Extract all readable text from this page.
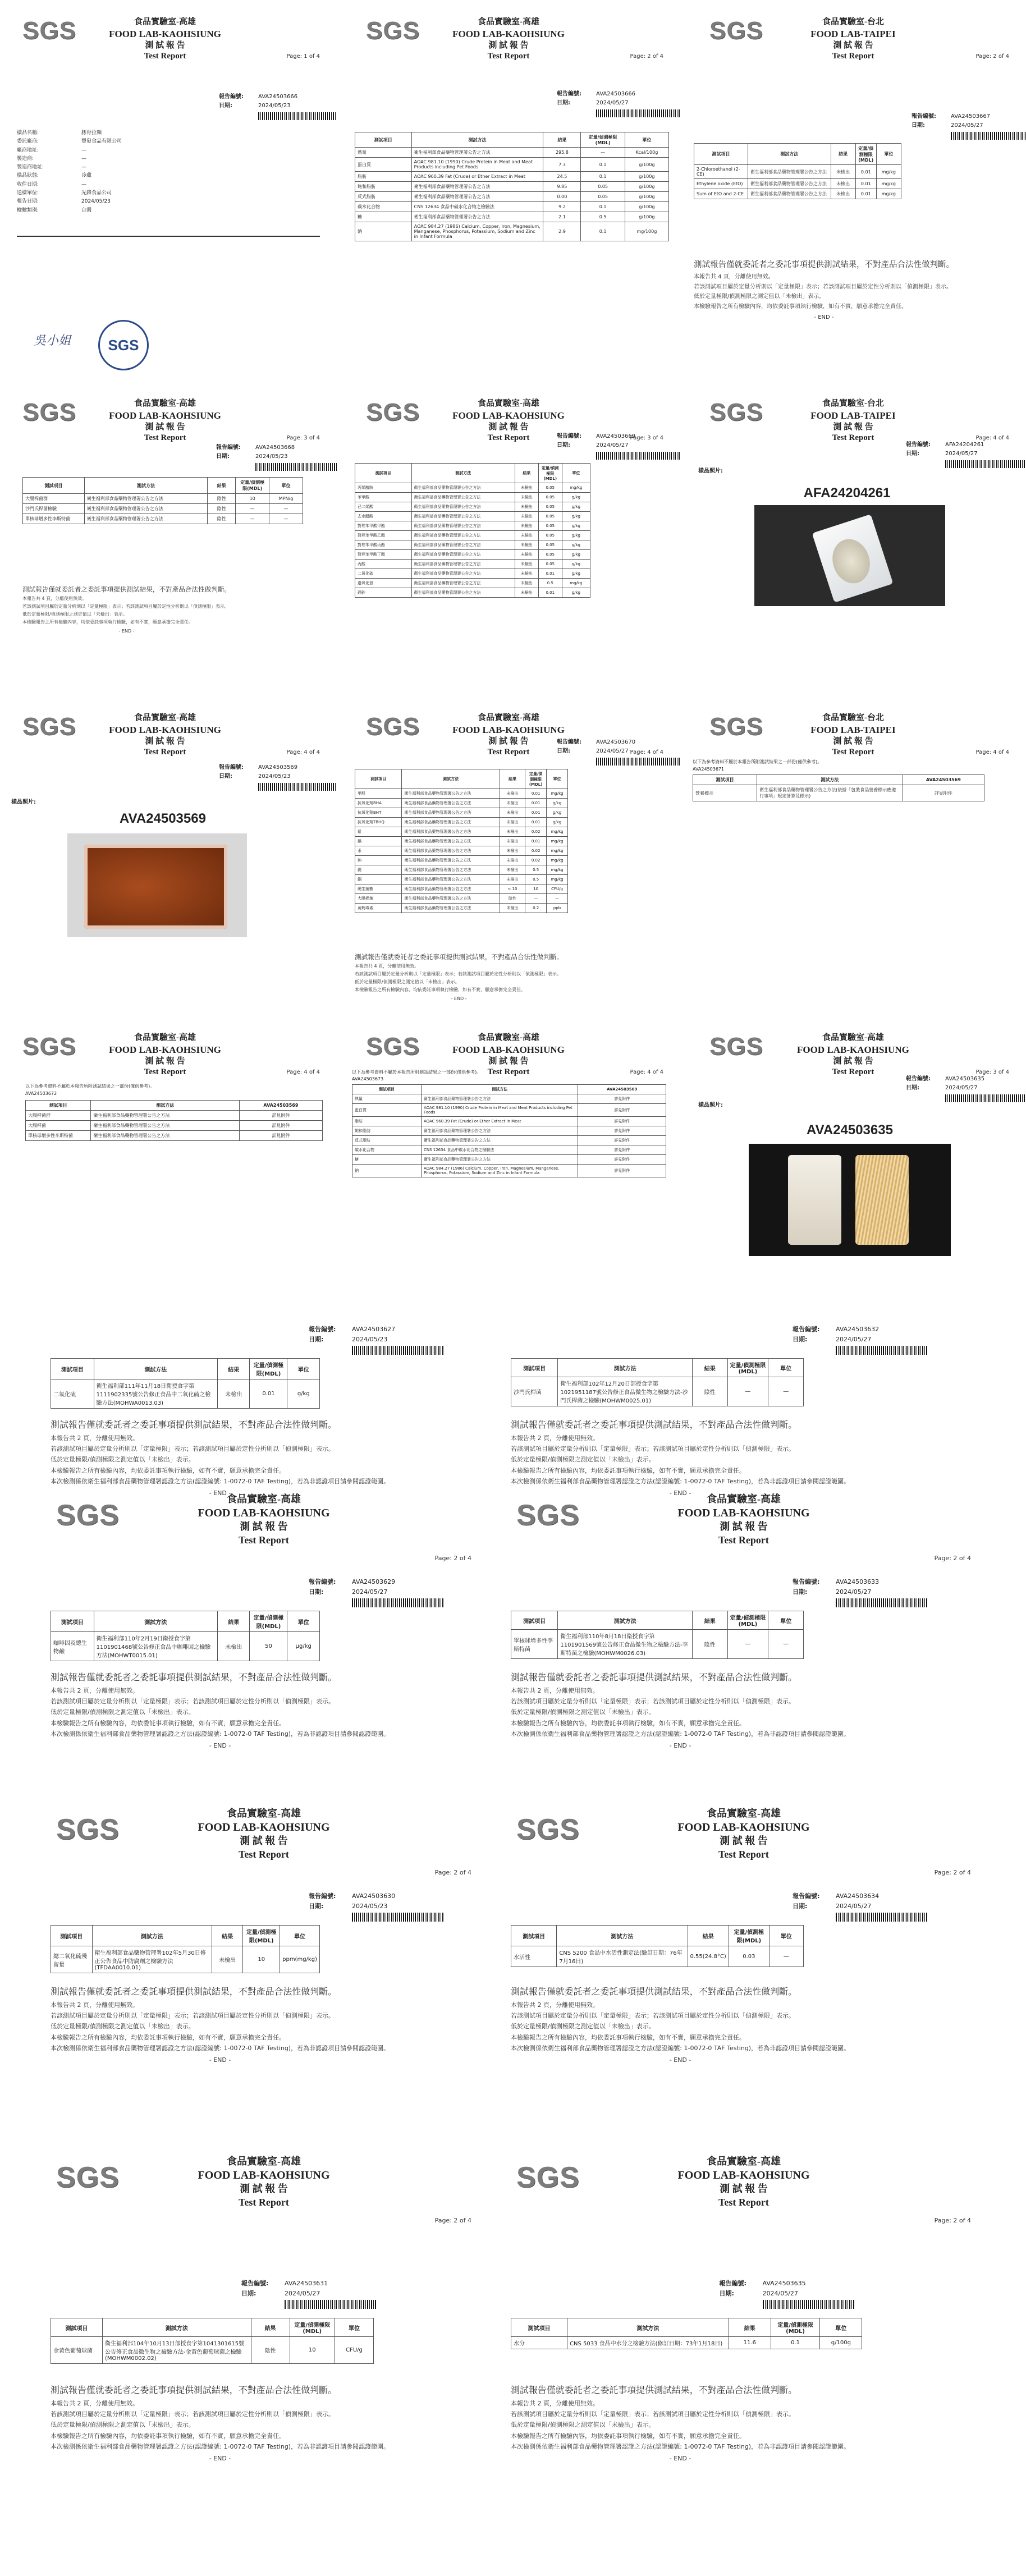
SGS	食品實驗室-高雄
FOOD LAB-KAOHSIUNG
測 試 報 告
Test Report	Page: 1 of 4
報告編號:	AVA24503666
日期:	2024/05/23
樣品名稱:	豚骨拉麵
委託廠商:	豐發食品有限公司
廠商地址:	—
製造商:	—
製造商地址:	—
樣品狀態:	冷藏
收件日期:	—
送樣單位:	先鋒食品公司
報告日期:	2024/05/23
檢驗類別:	台灣
吳小姐	SGS
SGS	食品實驗室-高雄
FOOD LAB-KAOHSIUNG
測 試 報 告
Test Report	Page: 2 of 4
報告編號:	AVA24503666
日期:	2024/05/27
測試項目	測試方法	結果	定量/偵測極限(MDL)	單位
熱量	衛生福利部食品藥物管理署公告之方法	295.8	—	Kcal/100g
蛋白質	AOAC 981.10 (1990) Crude Protein in Meat and Meat Products including Pet Foods	7.3	0.1	g/100g
脂肪	AOAC 960.39 Fat (Crude) or Ether Extract in Meat	24.5	0.1	g/100g
飽和脂肪	衛生福利部食品藥物管理署公告之方法	9.85	0.05	g/100g
反式脂肪	衛生福利部食品藥物管理署公告之方法	0.00	0.05	g/100g
碳水化合物	CNS 12634 食品中碳水化合物之檢驗法	9.2	0.1	g/100g
糖	衛生福利部食品藥物管理署公告之方法	2.1	0.5	g/100g
鈉	AOAC 984.27 (1986) Calcium, Copper, Iron, Magnesium, Manganese, Phosphorus, Potassium, Sodium and Zinc in Infant Formula	2.9	0.1	mg/100g
SGS	食品實驗室-台北
FOOD LAB-TAIPEI
測 試 報 告
Test Report	Page: 2 of 4
報告編號:	AVA24503667
日期:	2024/05/27
測試項目	測試方法	結果	定量/偵測極限(MDL)	單位
2-Chloroethanol (2-CE)	衛生福利部食品藥物管理署公告之方法	未檢出	0.01	mg/kg
Ethylene oxide (EtO)	衛生福利部食品藥物管理署公告之方法	未檢出	0.01	mg/kg
Sum of EtO and 2-CE	衛生福利部食品藥物管理署公告之方法	未檢出	0.01	mg/kg
測試報告僅就委託者之委託事項提供測試結果，不對產品合法性做判斷。
本報告共 4 頁，分離使用無效。
若該測試項目屬於定量分析則以「定量極限」表示；若該測試項目屬於定性分析則以「偵測極限」表示。
低於定量極限/偵測極限之測定值以「未檢出」表示。
本檢驗報告之所有檢驗內容，均依委託事項執行檢驗，如有不實，願意承擔完全責任。
- END -
SGS	食品實驗室-高雄
FOOD LAB-KAOHSIUNG
測 試 報 告
Test Report	Page: 3 of 4
報告編號:	AVA24503668
日期:	2024/05/23
測試項目	測試方法	結果	定量/偵測極限(MDL)	單位
大腸桿菌群	衛生福利部食品藥物管理署公告之方法	陰性	10	MPN/g
沙門氏桿菌檢驗	衛生福利部食品藥物管理署公告之方法	陰性	—	—
單核球增多性李斯特菌	衛生福利部食品藥物管理署公告之方法	陰性	—	—
測試報告僅就委託者之委託事項提供測試結果，不對產品合法性做判斷。
本報告共 4 頁，分離使用無效。
若該測試項目屬於定量分析則以「定量極限」表示；若該測試項目屬於定性分析則以「偵測極限」表示。
低於定量極限/偵測極限之測定值以「未檢出」表示。
本檢驗報告之所有檢驗內容，均依委託事項執行檢驗，如有不實，願意承擔完全責任。
- END -
SGS	食品實驗室-高雄
FOOD LAB-KAOHSIUNG
測 試 報 告
Test Report	Page: 3 of 4
報告編號:	AVA24503669
日期:	2024/05/27
測試項目	測試方法	結果	定量/偵測極限(MDL)	單位
丙烯醯胺	衛生福利部食品藥物管理署公告之方法	未檢出	0.05	mg/kg
苯甲酸	衛生福利部食品藥物管理署公告之方法	未檢出	0.05	g/kg
己二烯酸	衛生福利部食品藥物管理署公告之方法	未檢出	0.05	g/kg
去水醋酸	衛生福利部食品藥物管理署公告之方法	未檢出	0.05	g/kg
對羥苯甲酸甲酯	衛生福利部食品藥物管理署公告之方法	未檢出	0.05	g/kg
對羥苯甲酸乙酯	衛生福利部食品藥物管理署公告之方法	未檢出	0.05	g/kg
對羥苯甲酸丙酯	衛生福利部食品藥物管理署公告之方法	未檢出	0.05	g/kg
對羥苯甲酸丁酯	衛生福利部食品藥物管理署公告之方法	未檢出	0.05	g/kg
丙酸	衛生福利部食品藥物管理署公告之方法	未檢出	0.05	g/kg
二氧化硫	衛生福利部食品藥物管理署公告之方法	未檢出	0.01	g/kg
過氧化氫	衛生福利部食品藥物管理署公告之方法	未檢出	0.5	mg/kg
硼砂	衛生福利部食品藥物管理署公告之方法	未檢出	0.01	g/kg
SGS	食品實驗室-台北
FOOD LAB-TAIPEI
測 試 報 告
Test Report	Page: 4 of 4
報告編號:	AFA24204261
日期:	2024/05/27
樣品照片:
AFA24204261
SGS	食品實驗室-高雄
FOOD LAB-KAOHSIUNG
測 試 報 告
Test Report	Page: 4 of 4
報告編號:	AVA24503569
日期:	2024/05/23
樣品照片:
AVA24503569
SGS	食品實驗室-高雄
FOOD LAB-KAOHSIUNG
測 試 報 告
Test Report	Page: 4 of 4
報告編號:	AVA24503670
日期:	2024/05/27
測試項目	測試方法	結果	定量/偵測極限(MDL)	單位
甲醛	衛生福利部食品藥物管理署公告之方法	未檢出	0.01	mg/kg
抗氧化劑BHA	衛生福利部食品藥物管理署公告之方法	未檢出	0.01	g/kg
抗氧化劑BHT	衛生福利部食品藥物管理署公告之方法	未檢出	0.01	g/kg
抗氧化劑TBHQ	衛生福利部食品藥物管理署公告之方法	未檢出	0.01	g/kg
鉛	衛生福利部食品藥物管理署公告之方法	未檢出	0.02	mg/kg
鎘	衛生福利部食品藥物管理署公告之方法	未檢出	0.01	mg/kg
汞	衛生福利部食品藥物管理署公告之方法	未檢出	0.02	mg/kg
砷	衛生福利部食品藥物管理署公告之方法	未檢出	0.02	mg/kg
錫	衛生福利部食品藥物管理署公告之方法	未檢出	0.5	mg/kg
銅	衛生福利部食品藥物管理署公告之方法	未檢出	0.5	mg/kg
總生菌數	衛生福利部食品藥物管理署公告之方法	< 10	10	CFU/g
大腸桿菌	衛生福利部食品藥物管理署公告之方法	陰性	—	—
黃麴毒素	衛生福利部食品藥物管理署公告之方法	未檢出	0.2	ppb
測試報告僅就委託者之委託事項提供測試結果，不對產品合法性做判斷。
本報告共 4 頁，分離使用無效。
若該測試項目屬於定量分析則以「定量極限」表示；若該測試項目屬於定性分析則以「偵測極限」表示。
低於定量極限/偵測極限之測定值以「未檢出」表示。
本檢驗報告之所有檢驗內容，均依委託事項執行檢驗，如有不實，願意承擔完全責任。
- END -
SGS	食品實驗室-台北
FOOD LAB-TAIPEI
測 試 報 告
Test Report	Page: 4 of 4
以下為參考資料不屬於本報告所附測試結果之一部份(僅供參考)。
AVA24503671
測試項目	測試方法	AVA24503569
營養標示	衛生福利部食品藥物管理署公告之方法(依據「包裝食品營養標示應遵行事項」規定計算及標示)	詳見附件
SGS	食品實驗室-高雄
FOOD LAB-KAOHSIUNG
測 試 報 告
Test Report	Page: 4 of 4
以下為參考資料不屬於本報告所附測試結果之一部份(僅供參考)。
AVA24503672
測試項目	測試方法	AVA24503569
大腸桿菌群	衛生福利部食品藥物管理署公告之方法	詳見附件
大腸桿菌	衛生福利部食品藥物管理署公告之方法	詳見附件
單核球增多性李斯特菌	衛生福利部食品藥物管理署公告之方法	詳見附件
SGS	食品實驗室-高雄
FOOD LAB-KAOHSIUNG
測 試 報 告
Test Report	Page: 4 of 4
以下為參考資料不屬於本報告所附測試結果之一部份(僅供參考)。
AVA24503673
測試項目	測試方法	AVA24503569
熱量	衛生福利部食品藥物管理署公告之方法	詳見附件
蛋白質	AOAC 981.10 (1990) Crude Protein in Meat and Meat Products including Pet Foods	詳見附件
脂肪	AOAC 960.39 Fat (Crude) or Ether Extract in Meat	詳見附件
飽和脂肪	衛生福利部食品藥物管理署公告之方法	詳見附件
反式脂肪	衛生福利部食品藥物管理署公告之方法	詳見附件
碳水化合物	CNS 12634 食品中碳水化合物之檢驗法	詳見附件
糖	衛生福利部食品藥物管理署公告之方法	詳見附件
鈉	AOAC 984.27 (1986) Calcium, Copper, Iron, Magnesium, Manganese, Phosphorus, Potassium, Sodium and Zinc in Infant Formula	詳見附件
SGS	食品實驗室-高雄
FOOD LAB-KAOHSIUNG
測 試 報 告
Test Report	Page: 3 of 4
報告編號:	AVA24503635
日期:	2024/05/27
樣品照片:
AVA24503635
報告編號:	AVA24503627
日期:	2024/05/23
測試項目	測試方法	結果	定量/偵測極限(MDL)	單位
二氧化硫	衛生福利部111年11月18日衛授食字第1111902335號公告修正食品中二氧化硫之檢驗方法(MOHWA0013.03)	未檢出	0.01	g/kg
測試報告僅就委託者之委託事項提供測試結果，不對產品合法性做判斷。
本報告共 2 頁，分離使用無效。
若該測試項目屬於定量分析則以「定量極限」表示；若該測試項目屬於定性分析則以「偵測極限」表示。
低於定量極限/偵測極限之測定值以「未檢出」表示。
本檢驗報告之所有檢驗內容，均依委託事項執行檢驗，如有不實，願意承擔完全責任。
本次檢測係依衛生福利部食品藥物管理署認證之方法(認證編號: 1-0072-0 TAF Testing)，若為非認證項目請參閱認證範圍。
- END -
SGS	食品實驗室-高雄
FOOD LAB-KAOHSIUNG
測 試 報 告
Test Report
Page: 2 of 4
報告編號:	AVA24503632
日期:	2024/05/27
測試項目	測試方法	結果	定量/偵測極限(MDL)	單位
沙門氏桿菌	衛生福利部102年12月20日部授食字第1021951187號公告修正食品微生物之檢驗方法-沙門氏桿菌之檢驗(MOHWM0025.01)	陰性	—	—
測試報告僅就委託者之委託事項提供測試結果，不對產品合法性做判斷。
本報告共 2 頁，分離使用無效。
若該測試項目屬於定量分析則以「定量極限」表示；若該測試項目屬於定性分析則以「偵測極限」表示。
低於定量極限/偵測極限之測定值以「未檢出」表示。
本檢驗報告之所有檢驗內容，均依委託事項執行檢驗，如有不實，願意承擔完全責任。
本次檢測係依衛生福利部食品藥物管理署認證之方法(認證編號: 1-0072-0 TAF Testing)，若為非認證項目請參閱認證範圍。
- END -
SGS	食品實驗室-高雄
FOOD LAB-KAOHSIUNG
測 試 報 告
Test Report
Page: 2 of 4
報告編號:	AVA24503629
日期:	2024/05/27
測試項目	測試方法	結果	定量/偵測極限(MDL)	單位
咖啡因及總生物鹼	衛生福利部110年2月19日衛授食字第1101901468號公告修正食品中咖啡因之檢驗方法(MOHWT0015.01)	未檢出	50	µg/kg
測試報告僅就委託者之委託事項提供測試結果，不對產品合法性做判斷。
本報告共 2 頁，分離使用無效。
若該測試項目屬於定量分析則以「定量極限」表示；若該測試項目屬於定性分析則以「偵測極限」表示。
低於定量極限/偵測極限之測定值以「未檢出」表示。
本檢驗報告之所有檢驗內容，均依委託事項執行檢驗，如有不實，願意承擔完全責任。
本次檢測係依衛生福利部食品藥物管理署認證之方法(認證編號: 1-0072-0 TAF Testing)，若為非認證項目請參閱認證範圍。
- END -
SGS	食品實驗室-高雄
FOOD LAB-KAOHSIUNG
測 試 報 告
Test Report
Page: 2 of 4
報告編號:	AVA24503633
日期:	2024/05/27
測試項目	測試方法	結果	定量/偵測極限(MDL)	單位
單核球增多性李斯特菌	衛生福利部110年8月18日衛授食字第1101901569號公告修正食品微生物之檢驗方法-李斯特菌之檢驗(MOHWM0026.03)	陰性	—	—
測試報告僅就委託者之委託事項提供測試結果，不對產品合法性做判斷。
本報告共 2 頁，分離使用無效。
若該測試項目屬於定量分析則以「定量極限」表示；若該測試項目屬於定性分析則以「偵測極限」表示。
低於定量極限/偵測極限之測定值以「未檢出」表示。
本檢驗報告之所有檢驗內容，均依委託事項執行檢驗，如有不實，願意承擔完全責任。
本次檢測係依衛生福利部食品藥物管理署認證之方法(認證編號: 1-0072-0 TAF Testing)，若為非認證項目請參閱認證範圍。
- END -
SGS	食品實驗室-高雄
FOOD LAB-KAOHSIUNG
測 試 報 告
Test Report
Page: 2 of 4
報告編號:	AVA24503630
日期:	2024/05/23
測試項目	測試方法	結果	定量/偵測極限(MDL)	單位
總二氧化硫殘留量	衛生福利部食品藥物管理署102年5月30日修正公告食品中防腐劑之檢驗方法(TFDAA0010.01)	未檢出	10	ppm(mg/kg)
測試報告僅就委託者之委託事項提供測試結果，不對產品合法性做判斷。
本報告共 2 頁，分離使用無效。
若該測試項目屬於定量分析則以「定量極限」表示；若該測試項目屬於定性分析則以「偵測極限」表示。
低於定量極限/偵測極限之測定值以「未檢出」表示。
本檢驗報告之所有檢驗內容，均依委託事項執行檢驗，如有不實，願意承擔完全責任。
本次檢測係依衛生福利部食品藥物管理署認證之方法(認證編號: 1-0072-0 TAF Testing)，若為非認證項目請參閱認證範圍。
- END -
SGS	食品實驗室-高雄
FOOD LAB-KAOHSIUNG
測 試 報 告
Test Report
Page: 2 of 4
報告編號:	AVA24503634
日期:	2024/05/27
測試項目	測試方法	結果	定量/偵測極限(MDL)	單位
水活性	CNS 5200 食品中水活性測定法(驗訂日期：76年7月16日)	0.55(24.8°C)	0.03	—
測試報告僅就委託者之委託事項提供測試結果，不對產品合法性做判斷。
本報告共 2 頁，分離使用無效。
若該測試項目屬於定量分析則以「定量極限」表示；若該測試項目屬於定性分析則以「偵測極限」表示。
低於定量極限/偵測極限之測定值以「未檢出」表示。
本檢驗報告之所有檢驗內容，均依委託事項執行檢驗，如有不實，願意承擔完全責任。
本次檢測係依衛生福利部食品藥物管理署認證之方法(認證編號: 1-0072-0 TAF Testing)，若為非認證項目請參閱認證範圍。
- END -
SGS	食品實驗室-高雄
FOOD LAB-KAOHSIUNG
測 試 報 告
Test Report
Page: 2 of 4
報告編號:	AVA24503631
日期:	2024/05/27
測試項目	測試方法	結果	定量/偵測極限(MDL)	單位
金黃色葡萄球菌	衛生福利部104年10月13日部授食字第1041301615號公告修正食品微生物之檢驗方法-金黃色葡萄球菌之檢驗(MOHWM0002.02)	陰性	10	CFU/g
測試報告僅就委託者之委託事項提供測試結果，不對產品合法性做判斷。
本報告共 2 頁，分離使用無效。
若該測試項目屬於定量分析則以「定量極限」表示；若該測試項目屬於定性分析則以「偵測極限」表示。
低於定量極限/偵測極限之測定值以「未檢出」表示。
本檢驗報告之所有檢驗內容，均依委託事項執行檢驗，如有不實，願意承擔完全責任。
本次檢測係依衛生福利部食品藥物管理署認證之方法(認證編號: 1-0072-0 TAF Testing)，若為非認證項目請參閱認證範圍。
- END -
報告編號:	AVA24503635
日期:	2024/05/27
測試項目	測試方法	結果	定量/偵測極限(MDL)	單位
水分	CNS 5033 食品中水分之檢驗方法(修訂日期：73年1月18日)	11.6	0.1	g/100g
測試報告僅就委託者之委託事項提供測試結果，不對產品合法性做判斷。
本報告共 2 頁，分離使用無效。
若該測試項目屬於定量分析則以「定量極限」表示；若該測試項目屬於定性分析則以「偵測極限」表示。
低於定量極限/偵測極限之測定值以「未檢出」表示。
本檢驗報告之所有檢驗內容，均依委託事項執行檢驗，如有不實，願意承擔完全責任。
本次檢測係依衛生福利部食品藥物管理署認證之方法(認證編號: 1-0072-0 TAF Testing)，若為非認證項目請參閱認證範圍。
- END -
